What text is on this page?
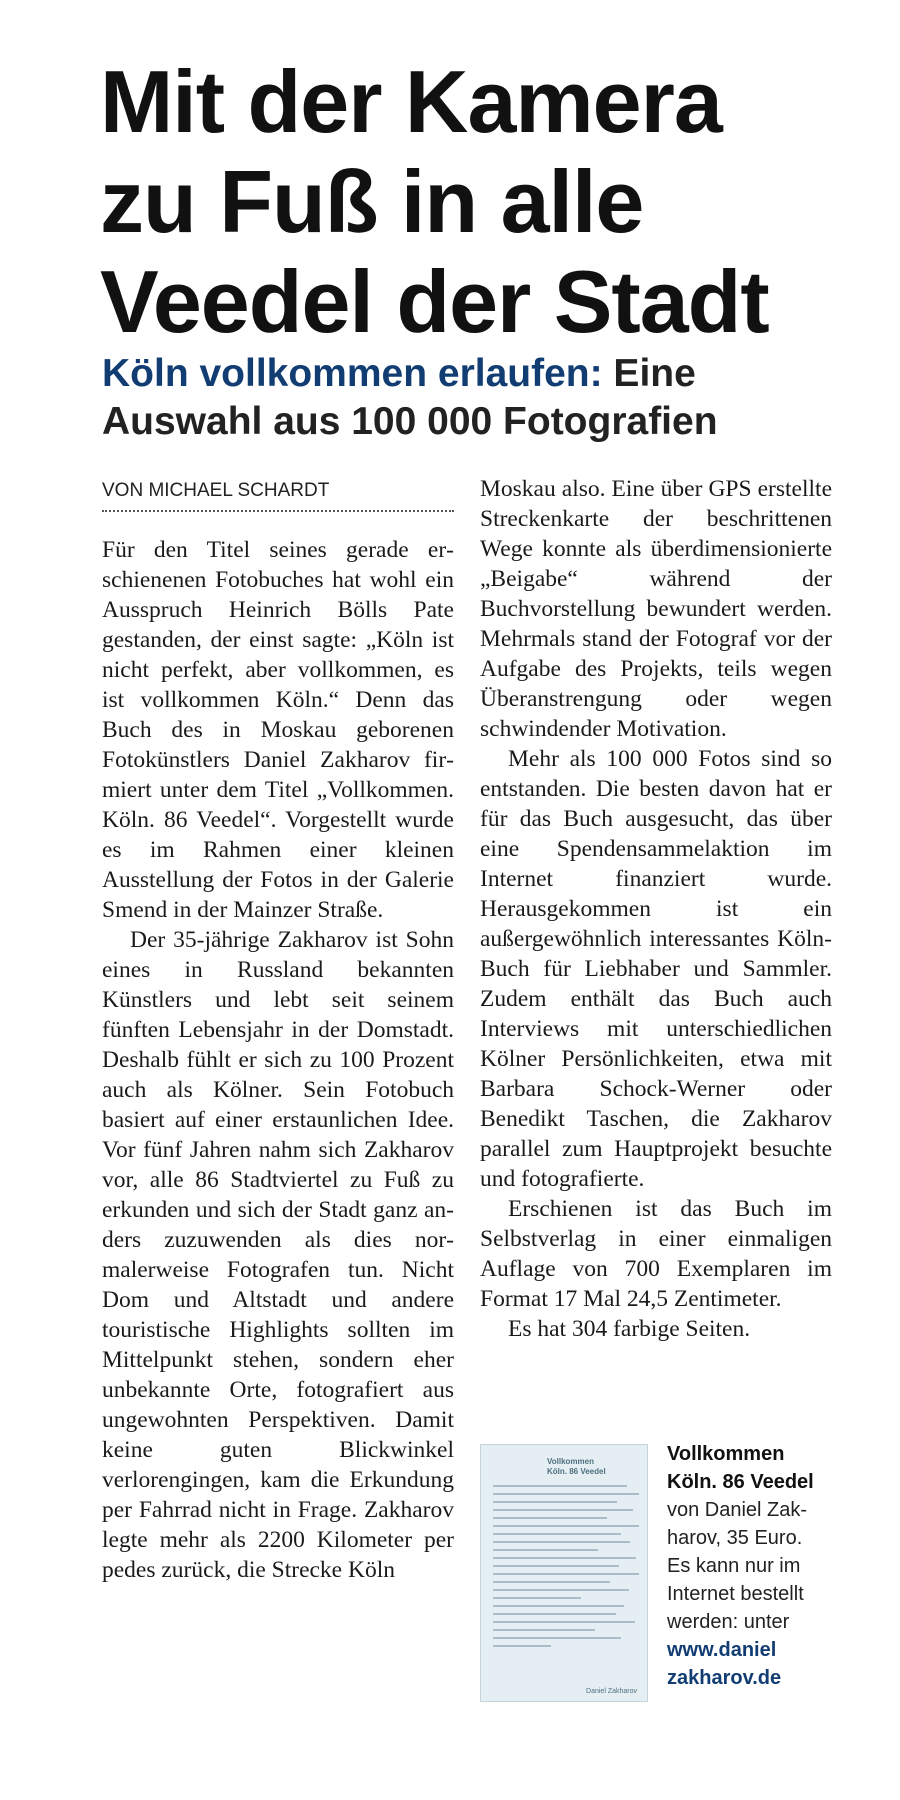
Mit der Kamera
zu Fuß in alle
Veedel der Stadt
Köln vollkommen erlaufen: Eine
Auswahl aus 100 000 Fotografien
VON MICHAEL SCHARDT

Für den Titel seines gerade erschienenen Fotobuches hat wohl ein Ausspruch Heinrich Bölls Pate gestanden, der einst sagte: „Köln ist nicht perfekt, aber vollkommen, es ist vollkommen Köln.“ Denn das Buch des in Moskau geborenen Fotokünstlers Daniel Zakharov firmiert unter dem Titel „Vollkommen. Köln. 86 Veedel“. Vorgestellt wurde es im Rahmen einer kleinen Ausstellung der Fotos in der Galerie Smend in der Mainzer Straße.

Der 35-jährige Zakharov ist Sohn eines in Russland bekannten Künstlers und lebt seit seinem fünften Lebensjahr in der Domstadt. Deshalb fühlt er sich zu 100 Prozent auch als Kölner. Sein Fotobuch basiert auf einer erstaunlichen Idee. Vor fünf Jahren nahm sich Zakharov vor, alle 86 Stadtviertel zu Fuß zu erkunden und sich der Stadt ganz anders zuzuwenden als dies normalerweise Fotografen tun. Nicht Dom und Altstadt und andere touristische Highlights sollten im Mittelpunkt stehen, sondern eher unbekannte Orte, fotografiert aus ungewohnten Perspektiven. Damit keine guten Blickwinkel verlorengingen, kam die Erkundung per Fahrrad nicht in Frage. Zakharov legte mehr als 2200 Kilometer per pedes zurück, die Strecke Köln

Moskau also. Eine über GPS erstellte Streckenkarte der beschrittenen Wege konnte als überdimensionierte „Beigabe“ während der Buchvorstellung bewundert werden. Mehrmals stand der Fotograf vor der Aufgabe des Projekts, teils wegen Überanstrengung oder wegen schwindender Motivation.

Mehr als 100 000 Fotos sind so entstanden. Die besten davon hat er für das Buch ausgesucht, das über eine Spendensammelaktion im Internet finanziert wurde. Herausgekommen ist ein außergewöhnlich interessantes Köln-Buch für Liebhaber und Sammler. Zudem enthält das Buch auch Interviews mit unterschiedlichen Kölner Persönlichkeiten, etwa mit Barbara Schock-Werner oder Benedikt Taschen, die Zakharov parallel zum Hauptprojekt besuchte und fotografierte.

Erschienen ist das Buch im Selbstverlag in einer einmaligen Auflage von 700 Exemplaren im Format 17 Mal 24,5 Zentimeter.

Es hat 304 farbige Seiten.

Vollkommen
Köln. 86 Veedel
Daniel Zakharov
Vollkommen
Köln. 86 Veedel
von Daniel Zak-
harov, 35 Euro.
Es kann nur im
Internet bestellt
werden: unter
www.daniel
zakharov.de
